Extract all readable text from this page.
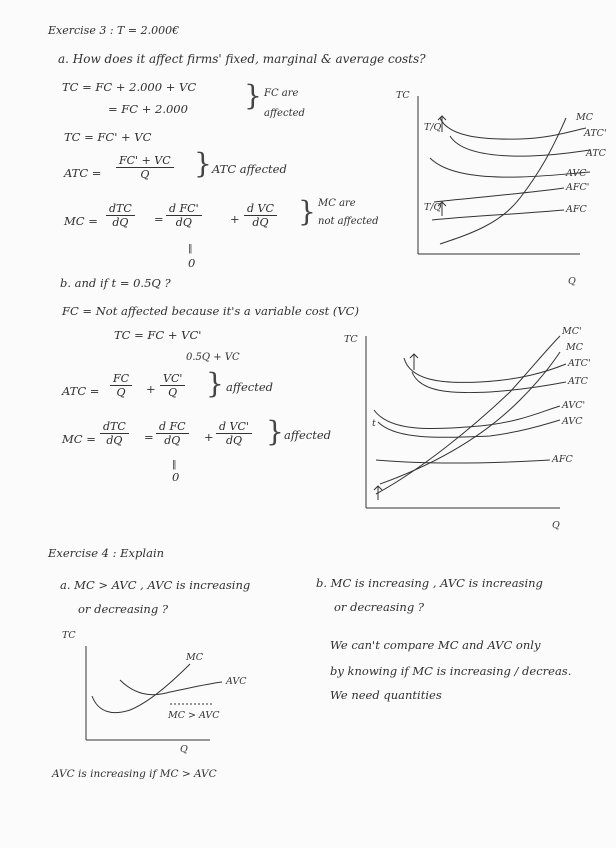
Exercise 3 : T = 2.000€
a. How does it affect firms' fixed, marginal & average costs?
TC = FC + 2.000 + VC
= FC + 2.000 } FC are
affected
TC = FC' + VC
ATC = $\frac{FC' + VC}{Q}$ } ATC affected
MC =
dTC
dQ	= $\frac{\text{d FC'}}{dQ}$
‖
0
+ $\frac{\text{d VC}}{dQ}$ } MC are
not affected
b. and if t = 0.5Q ?
FC = Not affected because it's a variable cost (VC)
TC = FC + VC'
0.5Q + VC
ATC = $\frac{FC}{Q} + \frac{VC'}{Q}$ } affected
MC =
dTC
dQ	= $\frac{\text{d FC}}{dQ}$
‖
0
+ $\frac{\text{d VC'}}{dQ}$ } affected
Exercise 4 : Explain
a. MC > AVC , AVC is increasing
or decreasing ?
b. MC is increasing , AVC is increasing
or decreasing ?
We can't compare MC and AVC only
by knowing if MC is increasing / decreas.
We need quantities
AVC is increasing if MC > AVC
TC
Q
T/Q
T/Q
MC
ATC'
ATC
AVC
AFC'
AFC
TC
Q
t
MC'
MC
ATC'
ATC
AVC'
AVC
AFC
TC
Q
MC
AVC
MC > AVC
